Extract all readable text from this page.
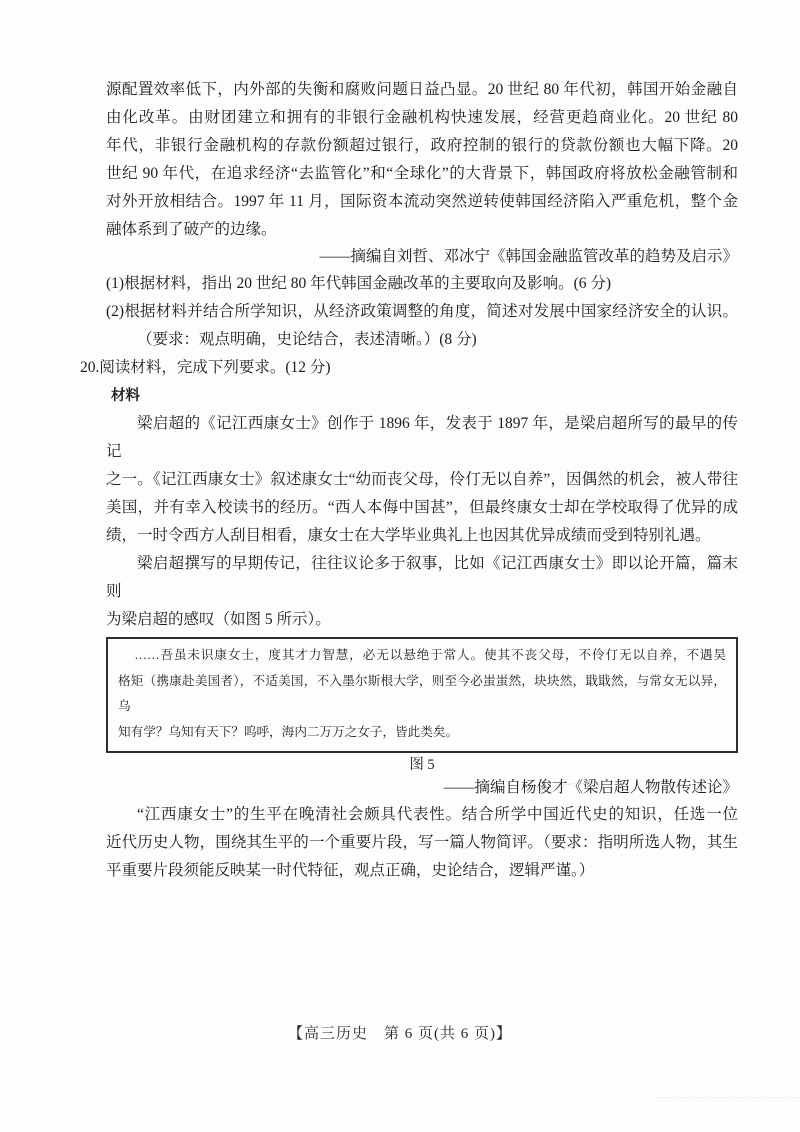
源配置效率低下，内外部的失衡和腐败问题日益凸显。20 世纪 80 年代初，韩国开始金融自
由化改革。由财团建立和拥有的非银行金融机构快速发展，经营更趋商业化。20 世纪 80
年代，非银行金融机构的存款份额超过银行，政府控制的银行的贷款份额也大幅下降。20
世纪 90 年代，在追求经济“去监管化”和“全球化”的大背景下，韩国政府将放松金融管制和
对外开放相结合。1997 年 11 月，国际资本流动突然逆转使韩国经济陷入严重危机，整个金
融体系到了破产的边缘。
——摘编自刘哲、邓冰宁《韩国金融监管改革的趋势及启示》
(1)根据材料，指出 20 世纪 80 年代韩国金融改革的主要取向及影响。(6 分)
(2)根据材料并结合所学知识，从经济政策调整的角度，简述对发展中国家经济安全的认识。
（要求：观点明确，史论结合，表述清晰。）(8 分)
20.阅读材料，完成下列要求。(12 分)
材料
梁启超的《记江西康女士》创作于 1896 年，发表于 1897 年，是梁启超所写的最早的传记
之一。《记江西康女士》叙述康女士“幼而丧父母，伶仃无以自养”，因偶然的机会，被人带往
美国，并有幸入校读书的经历。“西人本侮中国甚”，但最终康女士却在学校取得了优异的成
绩，一时令西方人刮目相看，康女士在大学毕业典礼上也因其优异成绩而受到特别礼遇。
梁启超撰写的早期传记，往往议论多于叙事，比如《记江西康女士》即以论开篇，篇末则
为梁启超的感叹（如图 5 所示）。
……吾虽未识康女士，度其才力智慧，必无以悬绝于常人。使其不丧父母，不伶仃无以自养，不遇昊
格矩（携康赴美国者），不适美国，不入墨尔斯根大学，则至今必蚩蚩然，块块然，戢戢然，与常女无以异，乌
知有学？乌知有天下？呜呼，海内二万万之女子，皆此类矣。
图 5
——摘编自杨俊才《梁启超人物散传述论》
“江西康女士”的生平在晚清社会颇具代表性。结合所学中国近代史的知识，任选一位
近代历史人物，围绕其生平的一个重要片段，写一篇人物简评。（要求：指明所选人物，其生
平重要片段须能反映某一时代特征，观点正确，史论结合，逻辑严谨。）
【高三历史　第 6 页(共 6 页)】
